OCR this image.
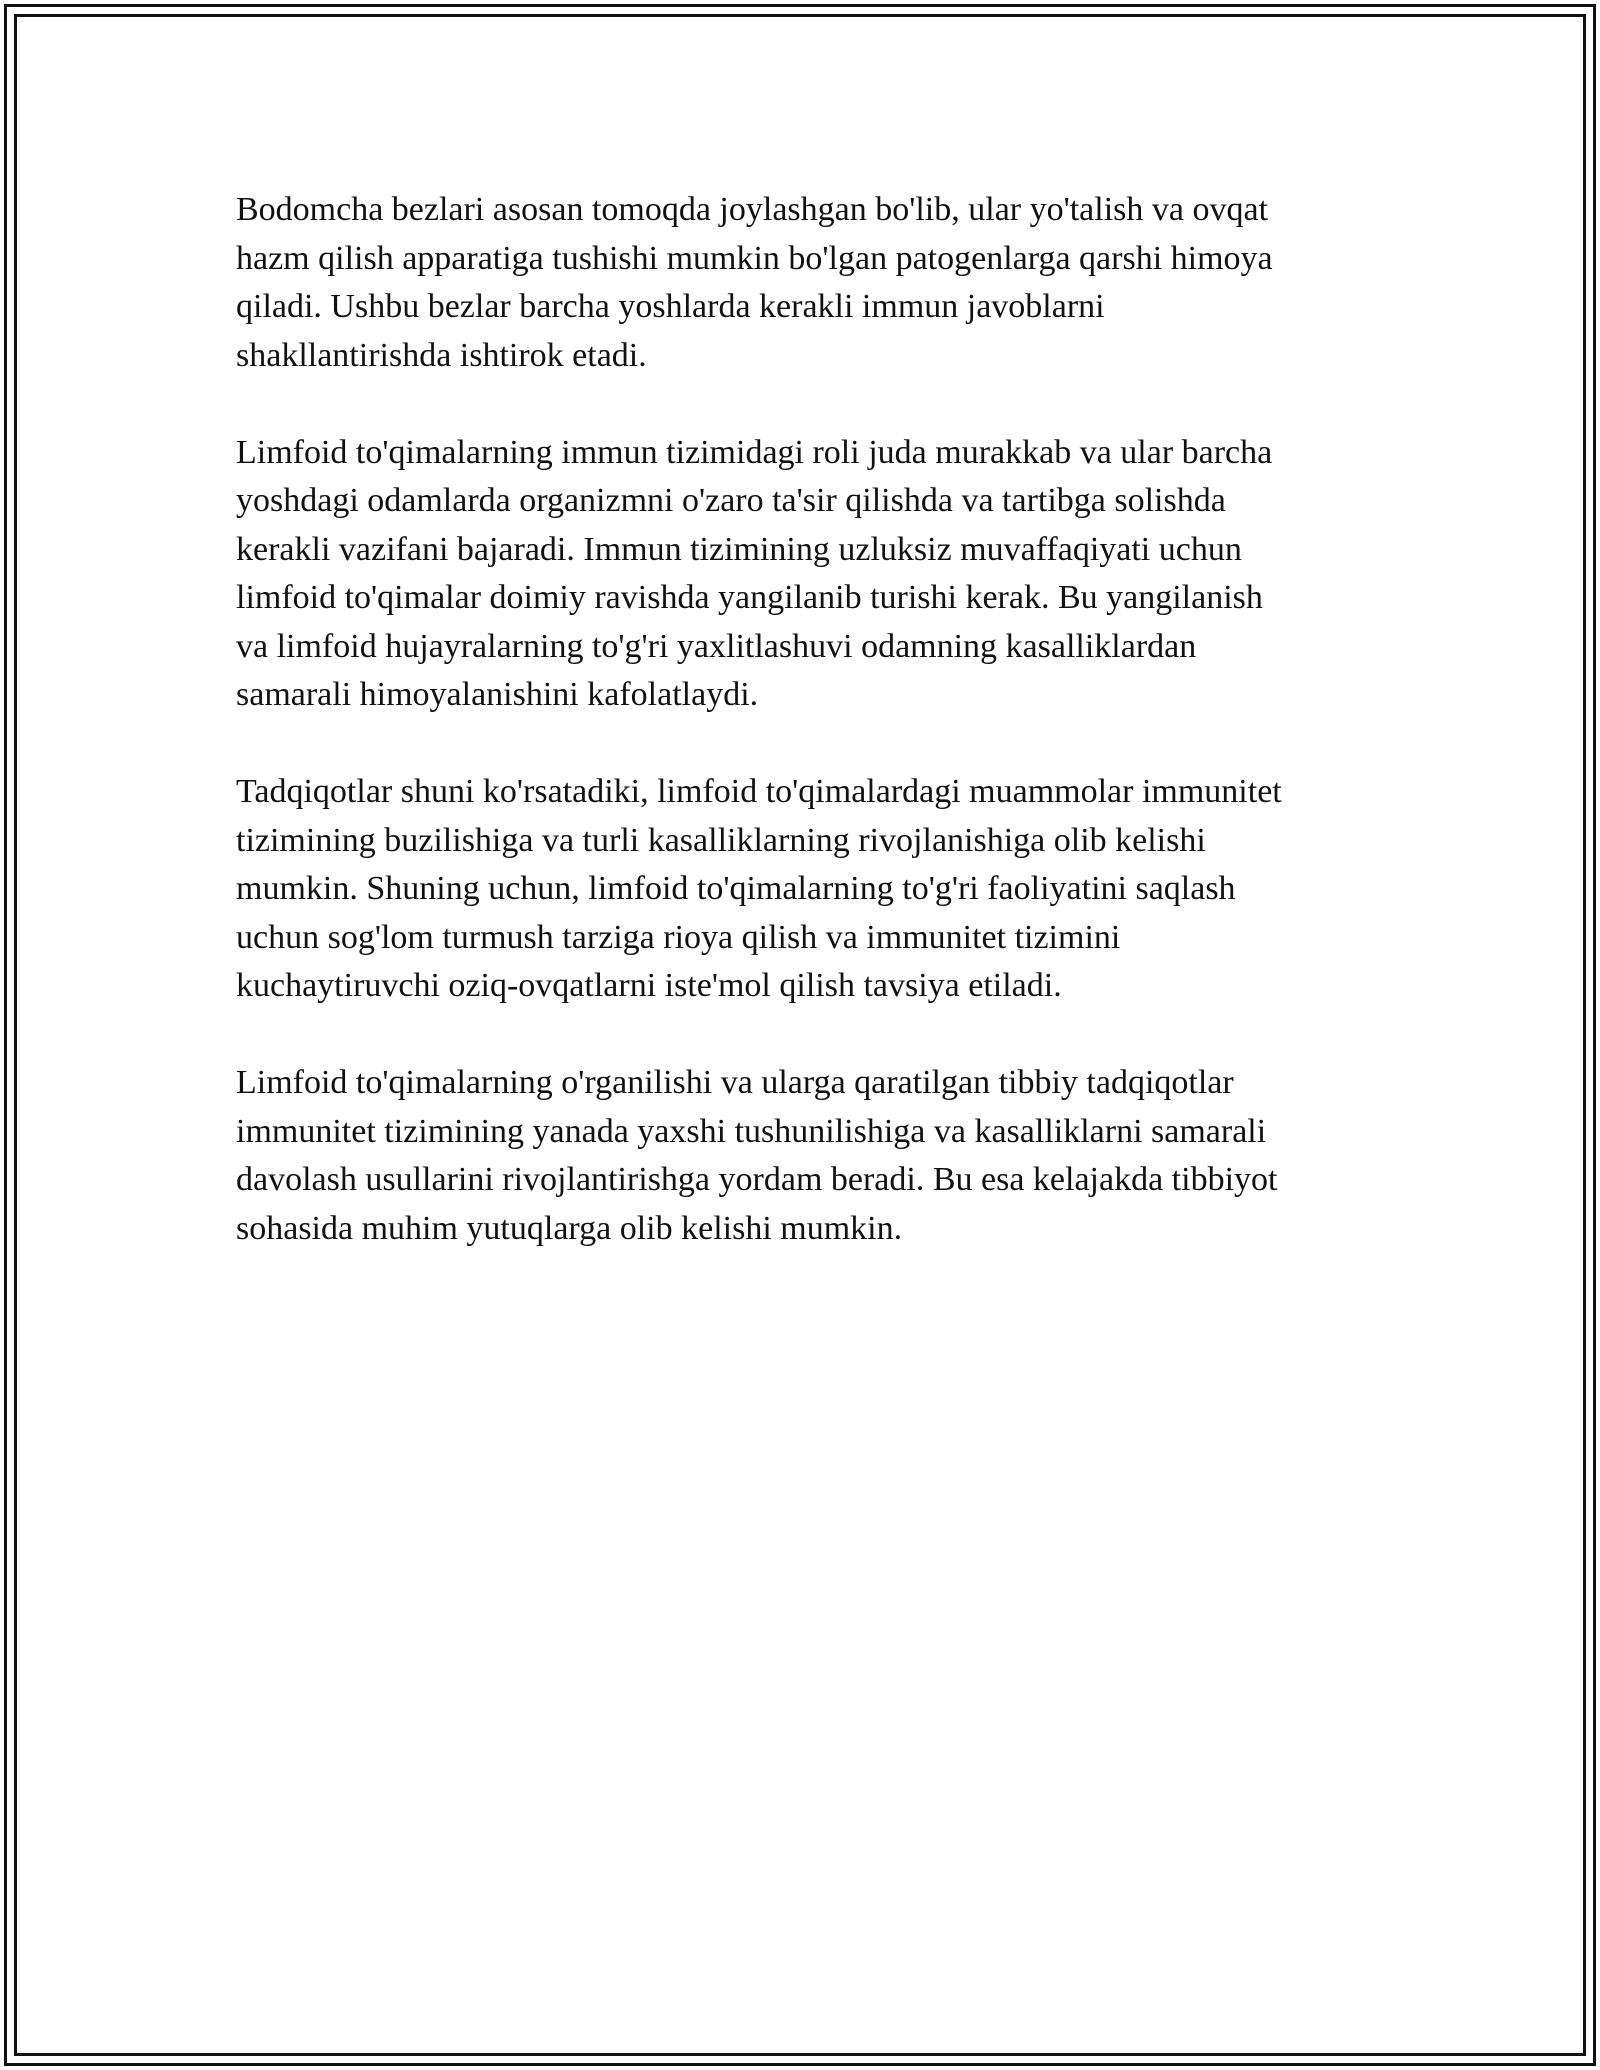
Bodomcha bezlari asosan tomoqda joylashgan bo'lib, ular yo'talish va ovqat
hazm qilish apparatiga tushishi mumkin bo'lgan patogenlarga qarshi himoya
qiladi. Ushbu bezlar barcha yoshlarda kerakli immun javoblarni
shakllantirishda ishtirok etadi.

Limfoid to'qimalarning immun tizimidagi roli juda murakkab va ular barcha
yoshdagi odamlarda organizmni o'zaro ta'sir qilishda va tartibga solishda
kerakli vazifani bajaradi. Immun tizimining uzluksiz muvaffaqiyati uchun
limfoid to'qimalar doimiy ravishda yangilanib turishi kerak. Bu yangilanish
va limfoid hujayralarning to'g'ri yaxlitlashuvi odamning kasalliklardan
samarali himoyalanishini kafolatlaydi.

Tadqiqotlar shuni ko'rsatadiki, limfoid to'qimalardagi muammolar immunitet
tizimining buzilishiga va turli kasalliklarning rivojlanishiga olib kelishi
mumkin. Shuning uchun, limfoid to'qimalarning to'g'ri faoliyatini saqlash
uchun sog'lom turmush tarziga rioya qilish va immunitet tizimini
kuchaytiruvchi oziq-ovqatlarni iste'mol qilish tavsiya etiladi.

Limfoid to'qimalarning o'rganilishi va ularga qaratilgan tibbiy tadqiqotlar
immunitet tizimining yanada yaxshi tushunilishiga va kasalliklarni samarali
davolash usullarini rivojlantirishga yordam beradi. Bu esa kelajakda tibbiyot
sohasida muhim yutuqlarga olib kelishi mumkin.
